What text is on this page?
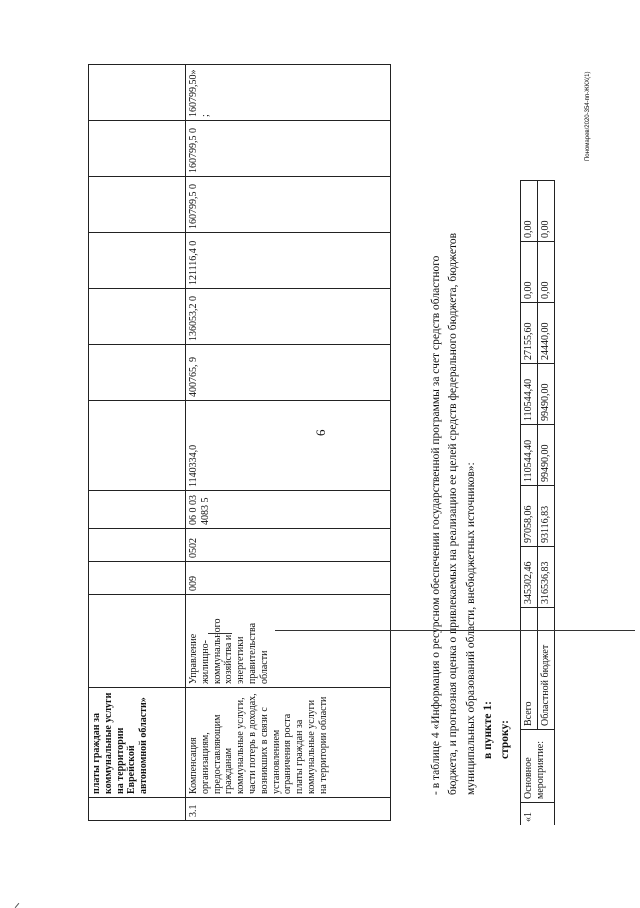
6
	платы граждан за коммунальные услуги на территории Еврейской автономной области»											
3.1	Компенсация организациям, предоставляющим гражданам коммунальные услуги, части потерь в доходах, возникших в связи с установлением ограничения роста платы граждан за коммунальные услуги на территории области	Управление жилищно-коммунального хозяйства и энергетики правительства области	009	0502	06 0 03 4083 5	1140334,0	400765, 9	136053,2 0	121116,4 0	160799,5 0	160799,5 0	160799,50» ;
- в таблице 4 «Информация о ресурсном обеспечении государственной программы за счет средств областного бюджета, и прогнозная оценка о привлекаемых на реализацию ее целей средств федерального бюджета, бюджетов муниципальных образований области, внебюджетных источников»: в пункте 1: строку:
«1	Основное мероприятие:	Всего	345302,46	97058,06	110544,40	110544,40	27155,60	0,00	0,00
		Областной бюджет	316536,83	93116,83	99490,00	99490,00	24440,00	0,00	0,00
Пономарев/2020-354-пп-ЖКХ(1)
